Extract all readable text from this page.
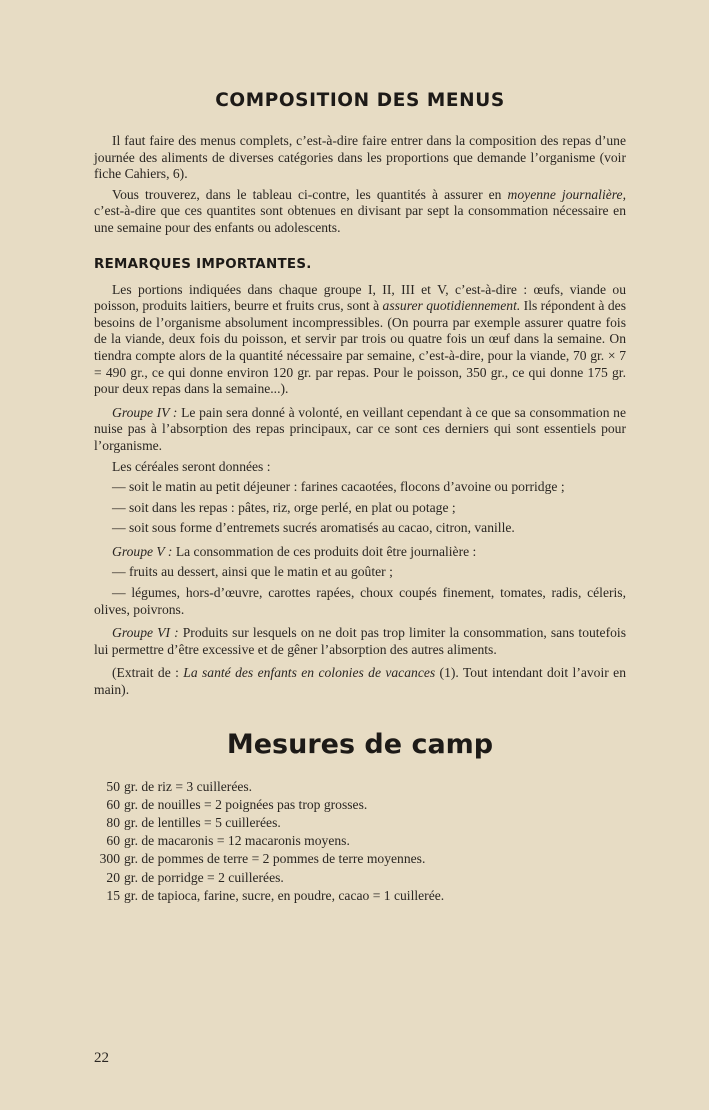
COMPOSITION DES MENUS

Il faut faire des menus complets, c’est-à-dire faire entrer dans la composition des repas d’une journée des aliments de diverses catégories dans les proportions que demande l’organisme (voir fiche Cahiers, 6).

Vous trouverez, dans le tableau ci-contre, les quantités à assurer en moyenne journalière, c’est-à-dire que ces quantites sont obtenues en divisant par sept la consommation nécessaire en une semaine pour des enfants ou adolescents.

REMARQUES IMPORTANTES.

Les portions indiquées dans chaque groupe I, II, III et V, c’est-à-dire : œufs, viande ou poisson, produits laitiers, beurre et fruits crus, sont à assurer quotidiennement. Ils répondent à des besoins de l’organisme absolument incompressibles. (On pourra par exemple assurer quatre fois de la viande, deux fois du poisson, et servir par trois ou quatre fois un œuf dans la semaine. On tiendra compte alors de la quantité nécessaire par semaine, c’est-à-dire, pour la viande, 70 gr. × 7 = 490 gr., ce qui donne environ 120 gr. par repas. Pour le poisson, 350 gr., ce qui donne 175 gr. pour deux repas dans la semaine...).

Groupe IV : Le pain sera donné à volonté, en veillant cependant à ce que sa consommation ne nuise pas à l’absorption des repas principaux, car ce sont ces derniers qui sont essentiels pour l’organisme.

Les céréales seront données :

— soit le matin au petit déjeuner : farines cacaotées, flocons d’avoine ou porridge ;

— soit dans les repas : pâtes, riz, orge perlé, en plat ou potage ;

— soit sous forme d’entremets sucrés aromatisés au cacao, citron, vanille.

Groupe V : La consommation de ces produits doit être journalière :

— fruits au dessert, ainsi que le matin et au goûter ;

— légumes, hors-d’œuvre, carottes rapées, choux coupés finement, tomates, radis, céleris, olives, poivrons.

Groupe VI : Produits sur lesquels on ne doit pas trop limiter la consommation, sans toutefois lui permettre d’être excessive et de gêner l’absorption des autres aliments.

(Extrait de : La santé des enfants en colonies de vacances (1). Tout intendant doit l’avoir en main).

Mesures de camp
50	gr. de riz = 3 cuillerées.
60	gr. de nouilles = 2 poignées pas trop grosses.
80	gr. de lentilles = 5 cuillerées.
60	gr. de macaronis = 12 macaronis moyens.
300	gr. de pommes de terre = 2 pommes de terre moyennes.
20	gr. de porridge = 2 cuillerées.
15	gr. de tapioca, farine, sucre, en poudre, cacao = 1 cuillerée.
22
